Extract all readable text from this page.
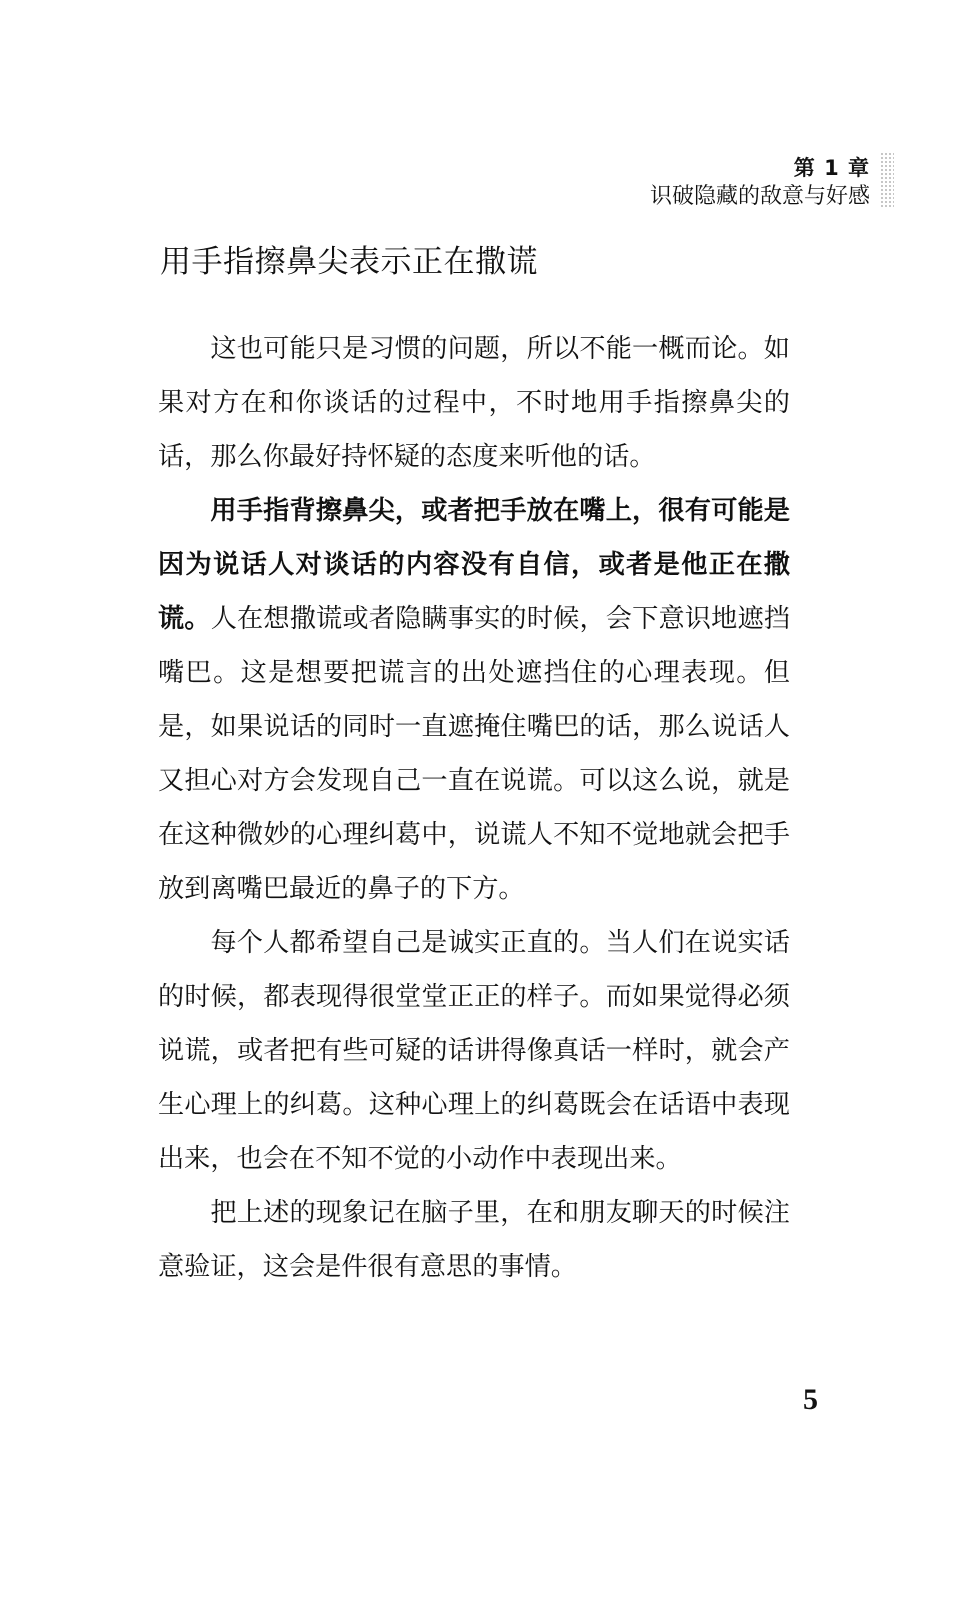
第 1 章
识破隐藏的敌意与好感
用手指擦鼻尖表示正在撒谎

这也可能只是习惯的问题，所以不能一概而论。如果对方在和你谈话的过程中，不时地用手指擦鼻尖的话，那么你最好持怀疑的态度来听他的话。

用手指背擦鼻尖，或者把手放在嘴上，很有可能是因为说话人对谈话的内容没有自信，或者是他正在撒谎。人在想撒谎或者隐瞒事实的时候，会下意识地遮挡嘴巴。这是想要把谎言的出处遮挡住的心理表现。但是，如果说话的同时一直遮掩住嘴巴的话，那么说话人又担心对方会发现自己一直在说谎。可以这么说，就是在这种微妙的心理纠葛中，说谎人不知不觉地就会把手放到离嘴巴最近的鼻子的下方。

每个人都希望自己是诚实正直的。当人们在说实话的时候，都表现得很堂堂正正的样子。而如果觉得必须说谎，或者把有些可疑的话讲得像真话一样时，就会产生心理上的纠葛。这种心理上的纠葛既会在话语中表现出来，也会在不知不觉的小动作中表现出来。

把上述的现象记在脑子里，在和朋友聊天的时候注意验证，这会是件很有意思的事情。

5
